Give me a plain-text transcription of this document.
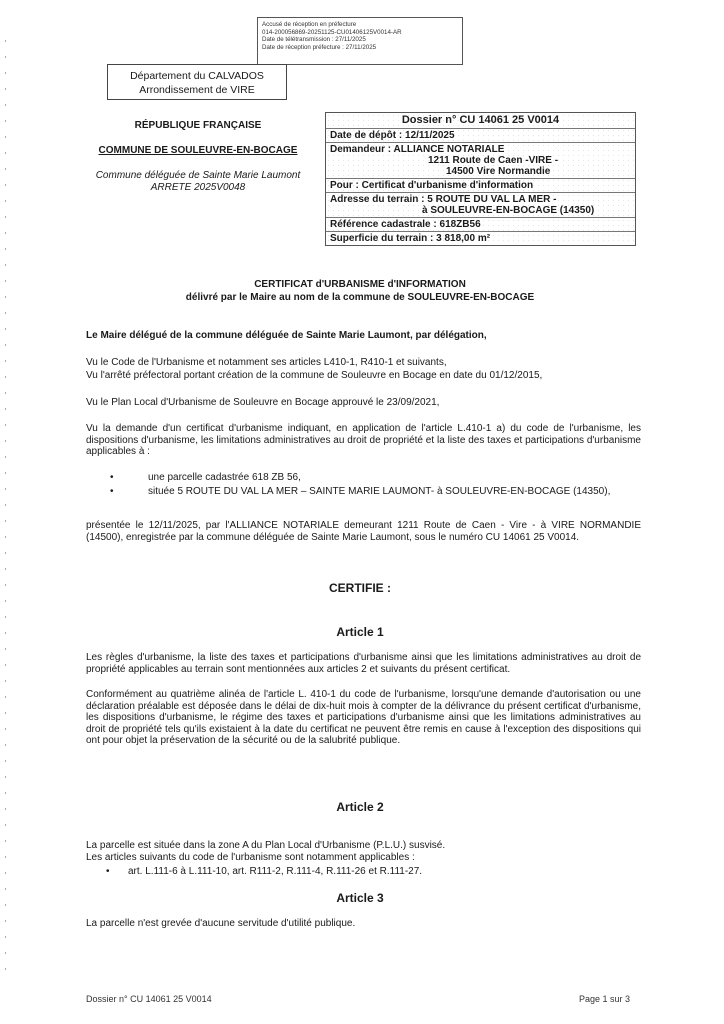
Accusé de réception en préfecture
014-200056869-20251125-CU01406125V0014-AR
Date de télétransmission : 27/11/2025
Date de réception préfecture : 27/11/2025
Département du CALVADOS
Arrondissement de VIRE
RÉPUBLIQUE FRANÇAISE
COMMUNE DE SOULEUVRE-EN-BOCAGE
Commune déléguée de Sainte Marie Laumont
ARRETE 2025V0048
Dossier n° CU 14061 25 V0014
Date de dépôt : 12/11/2025
Demandeur : ALLIANCE NOTARIALE
1211 Route de Caen -VIRE -
14500 Vire Normandie
Pour : Certificat d'urbanisme d'information
Adresse du terrain : 5 ROUTE DU VAL LA MER -
à SOULEUVRE-EN-BOCAGE (14350)
Référence cadastrale : 618ZB56
Superficie du terrain : 3 818,00 m²
CERTIFICAT d'URBANISME d'INFORMATION
délivré par le Maire au nom de la commune de SOULEUVRE-EN-BOCAGE
Le Maire délégué de la commune déléguée de Sainte Marie Laumont, par délégation,
Vu le Code de l'Urbanisme et notamment ses articles L410-1, R410-1 et suivants,
Vu l'arrêté préfectoral portant création de la commune de Souleuvre en Bocage en date du 01/12/2015,
Vu le Plan Local d'Urbanisme de Souleuvre en Bocage approuvé le 23/09/2021,
Vu la demande d'un certificat d'urbanisme indiquant, en application de l'article L.410-1 a) du code de l'urbanisme, les dispositions d'urbanisme, les limitations administratives au droit de propriété et la liste des taxes et participations d'urbanisme applicables à :
•	une parcelle cadastrée 618 ZB 56,
•	située 5 ROUTE DU VAL LA MER – SAINTE MARIE LAUMONT- à SOULEUVRE-EN-BOCAGE (14350),
présentée le 12/11/2025, par l'ALLIANCE NOTARIALE demeurant 1211 Route de Caen - Vire - à VIRE NORMANDIE (14500), enregistrée par la commune déléguée de Sainte Marie Laumont, sous le numéro CU 14061 25 V0014.
CERTIFIE :
Article 1
Les règles d'urbanisme, la liste des taxes et participations d'urbanisme ainsi que les limitations administratives au droit de propriété applicables au terrain sont mentionnées aux articles 2 et suivants du présent certificat.
Conformément au quatrième alinéa de l'article L. 410-1 du code de l'urbanisme, lorsqu'une demande d'autorisation ou une déclaration préalable est déposée dans le délai de dix-huit mois à compter de la délivrance du présent certificat d'urbanisme, les dispositions d'urbanisme, le régime des taxes et participations d'urbanisme ainsi que les limitations administratives au droit de propriété tels qu'ils existaient à la date du certificat ne peuvent être remis en cause à l'exception des dispositions qui ont pour objet la préservation de la sécurité ou de la salubrité publique.
Article 2
La parcelle est située dans la zone A du Plan Local d'Urbanisme (P.L.U.) susvisé.
Les articles suivants du code de l'urbanisme sont notamment applicables :
• art. L.111-6 à L.111-10, art. R111-2, R.111-4, R.111-26 et R.111-27.
Article 3
La parcelle n'est grevée d'aucune servitude d'utilité publique.
Dossier n° CU 14061 25 V0014	Page 1 sur 3
